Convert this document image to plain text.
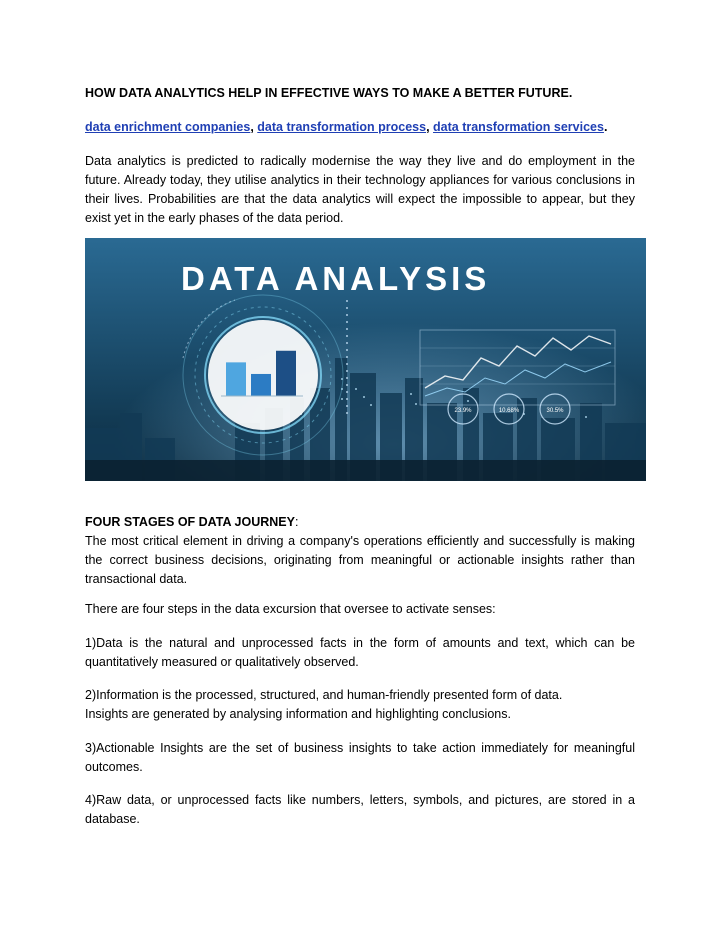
HOW DATA ANALYTICS HELP IN EFFECTIVE WAYS TO MAKE A BETTER FUTURE.
data enrichment companies, data transformation process, data transformation services.
Data analytics is predicted to radically modernise the way they live and do employment in the future. Already today, they utilise analytics in their technology appliances for various conclusions in their lives. Probabilities are that the data analytics will expect the impossible to appear, but they exist yet in the early phases of the data period.
DATA ANALYSIS
23.9%	10.68%	30.5%
FOUR STAGES OF DATA JOURNEY:
The most critical element in driving a company's operations efficiently and successfully is making the correct business decisions, originating from meaningful or actionable insights rather than transactional data.
There are four steps in the data excursion that oversee to activate senses:
1)Data is the natural and unprocessed facts in the form of amounts and text, which can be quantitatively measured or qualitatively observed.
2)Information is the processed, structured, and human-friendly presented form of data.
Insights are generated by analysing information and highlighting conclusions.
3)Actionable Insights are the set of business insights to take action immediately for meaningful outcomes.
4)Raw data, or unprocessed facts like numbers, letters, symbols, and pictures, are stored in a database.
